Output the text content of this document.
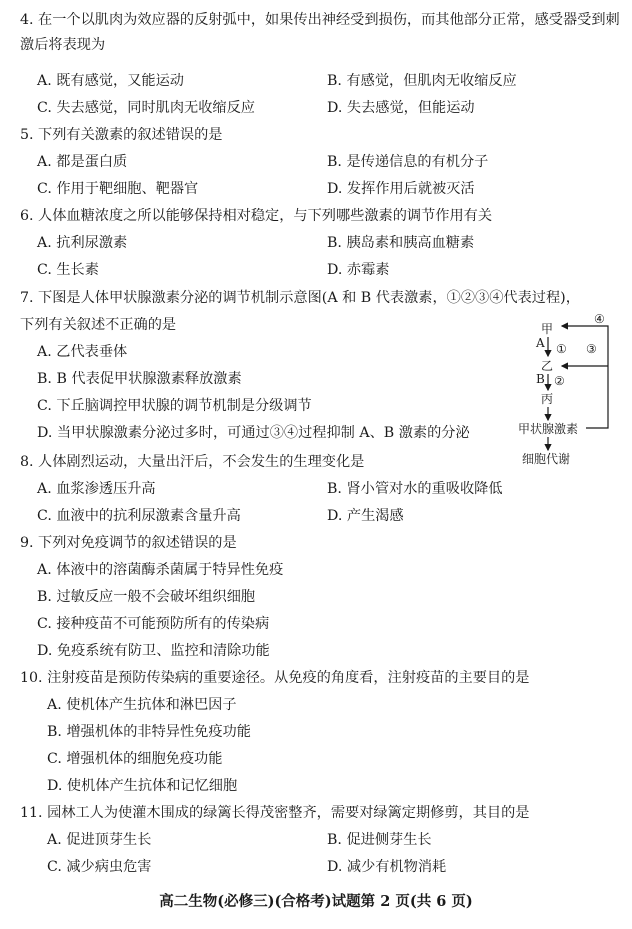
4. 在一个以肌肉为效应器的反射弧中，如果传出神经受到损伤，而其他部分正常，感受器受到刺激后将表现为
A. 既有感觉，又能运动	B. 有感觉，但肌肉无收缩反应
C. 失去感觉，同时肌肉无收缩反应	D. 失去感觉，但能运动
5. 下列有关激素的叙述错误的是
A. 都是蛋白质	B. 是传递信息的有机分子
C. 作用于靶细胞、靶器官	D. 发挥作用后就被灭活
6. 人体血糖浓度之所以能够保持相对稳定，与下列哪些激素的调节作用有关
A. 抗利尿激素	B. 胰岛素和胰高血糖素
C. 生长素	D. 赤霉素
7. 下图是人体甲状腺激素分泌的调节机制示意图(A 和 B 代表激素，①②③④代表过程)，
下列有关叙述不正确的是
A. 乙代表垂体
B. B 代表促甲状腺激素释放激素
C. 下丘脑调控甲状腺的调节机制是分级调节
D. 当甲状腺激素分泌过多时，可通过③④过程抑制 A、B 激素的分泌
甲
④
A ① ③
乙
B ②
丙
甲状腺激素
细胞代谢
8. 人体剧烈运动，大量出汗后，不会发生的生理变化是
A. 血浆渗透压升高	B. 肾小管对水的重吸收降低
C. 血液中的抗利尿激素含量升高	D. 产生渴感
9. 下列对免疫调节的叙述错误的是
A. 体液中的溶菌酶杀菌属于特异性免疫
B. 过敏反应一般不会破坏组织细胞
C. 接种疫苗不可能预防所有的传染病
D. 免疫系统有防卫、监控和清除功能
10. 注射疫苗是预防传染病的重要途径。从免疫的角度看，注射疫苗的主要目的是
A. 使机体产生抗体和淋巴因子
B. 增强机体的非特异性免疫功能
C. 增强机体的细胞免疫功能
D. 使机体产生抗体和记忆细胞
11. 园林工人为使灌木围成的绿篱长得茂密整齐，需要对绿篱定期修剪，其目的是
A. 促进顶芽生长	B. 促进侧芽生长
C. 减少病虫危害	D. 减少有机物消耗
高二生物(必修三)(合格考)试题第 2 页(共 6 页)
